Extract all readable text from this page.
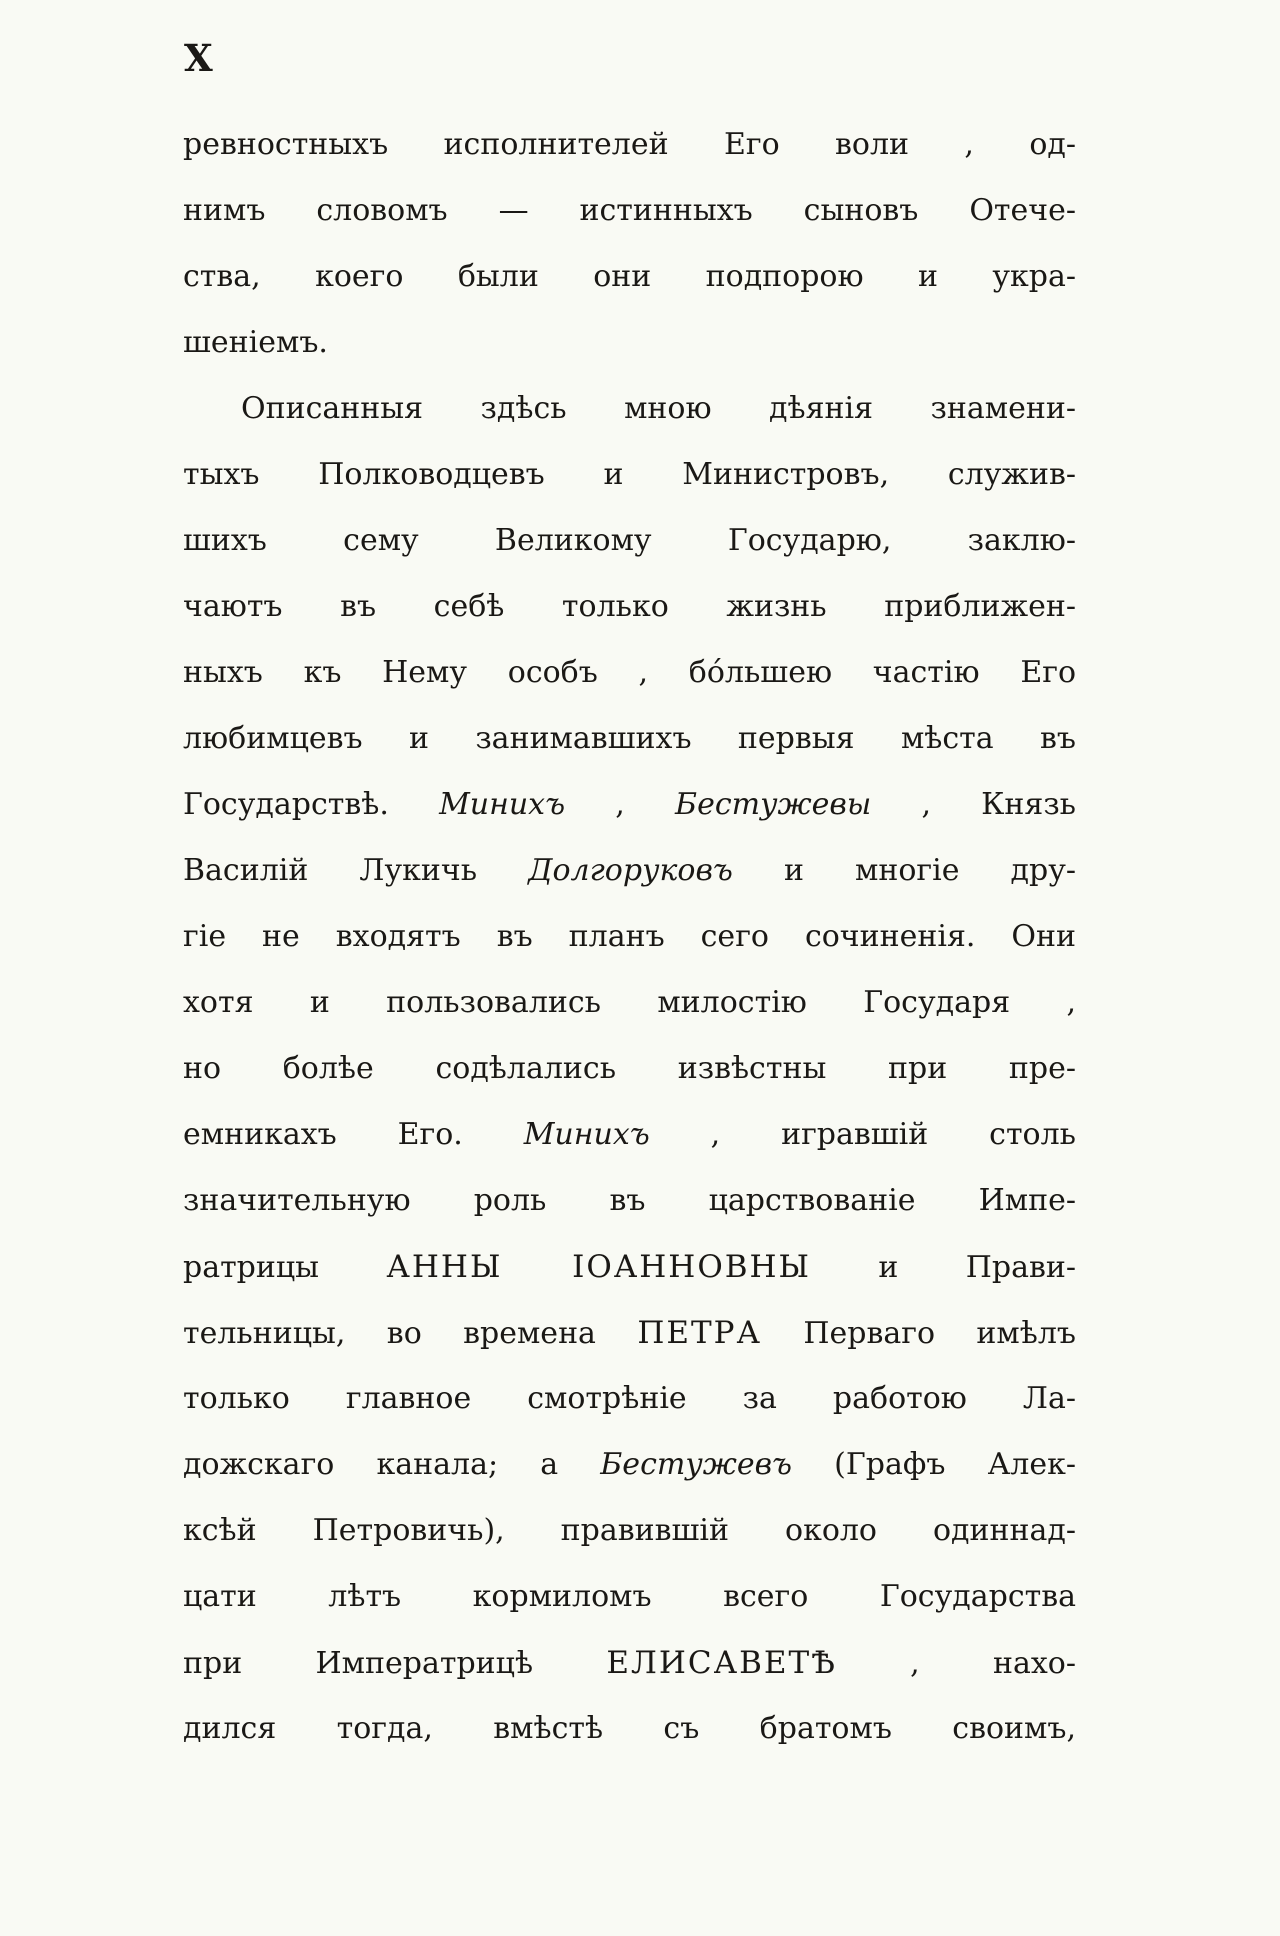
X
ревностныхъ исполнителей Его воли , од-
нимъ словомъ — истинныхъ сыновъ Отече-
ства, коего были они подпорою и укра-
шеніемъ.
Описанныя здѣсь мною дѣянія знамени-
тыхъ Полководцевъ и Министровъ, служив-
шихъ сему Великому Государю, заклю-
чаютъ въ себѣ только жизнь приближен-
ныхъ къ Нему особъ , бо́льшею частію Его
любимцевъ и занимавшихъ первыя мѣста въ
Государствѣ. Минихъ , Бестужевы , Князь
Василій Лукичь Долгоруковъ и многіе дру-
гіе не входятъ въ планъ сего сочиненія. Они
хотя и пользовались милостію Государя ,
но болѣе содѣлались извѣстны при пре-
емникахъ Его. Минихъ , игравшій столь
значительную роль въ царствованіе Импе-
ратрицы АННЫ ІОАННОВНЫ и Прави-
тельницы, во времена ПЕТРА Перваго имѣлъ
только главное смотрѣніе за работою Ла-
дожскаго канала; а Бестужевъ (Графъ Алек-
ксѣй Петровичь), правившій около одиннад-
цати лѣтъ кормиломъ всего Государства
при Императрицѣ ЕЛИСАВЕТѢ , нахо-
дился тогда, вмѣстѣ съ братомъ своимъ,
